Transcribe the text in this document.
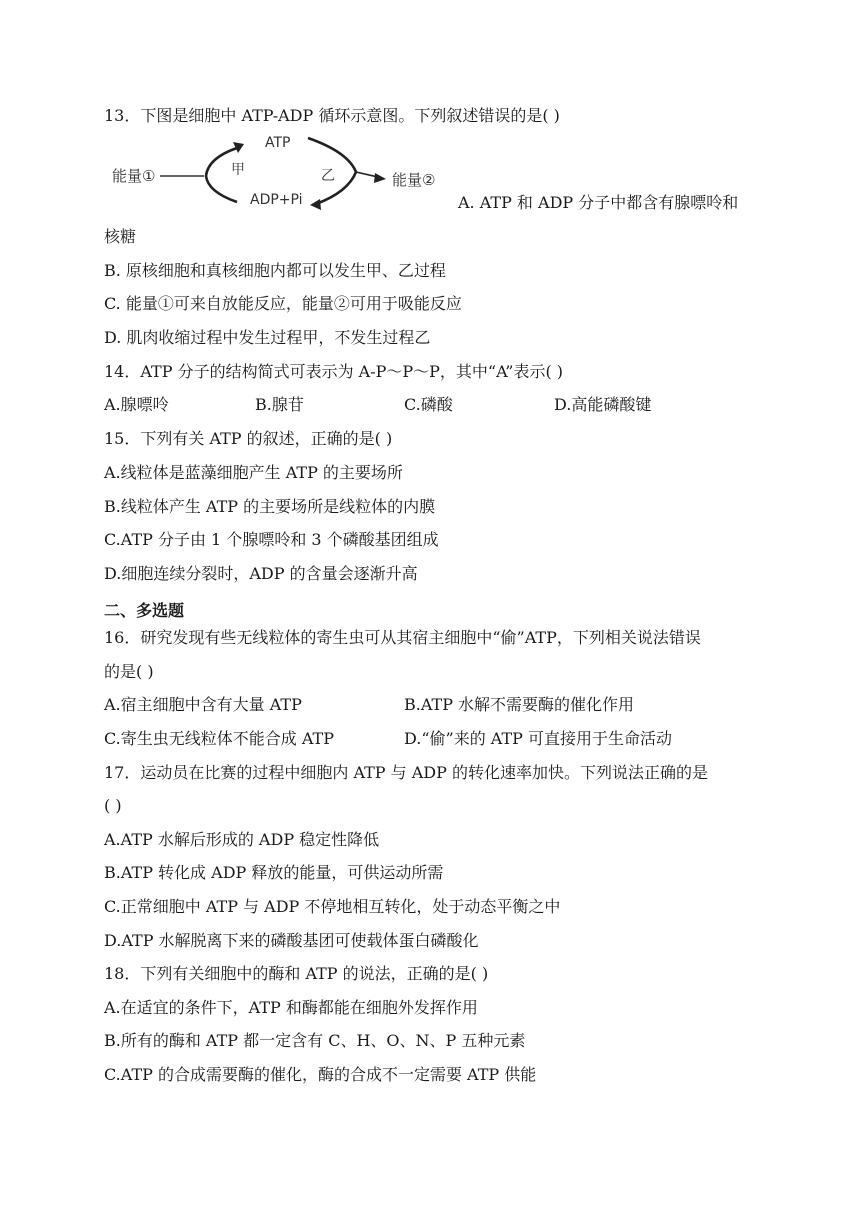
13．下图是细胞中 ATP-ADP 循环示意图。下列叙述错误的是( )
能量①
ATP
ADP+Pi
甲	乙	能量②
A. ATP 和 ADP 分子中都含有腺嘌呤和
核糖
B. 原核细胞和真核细胞内都可以发生甲、乙过程
C. 能量①可来自放能反应，能量②可用于吸能反应
D. 肌肉收缩过程中发生过程甲，不发生过程乙
14．ATP 分子的结构简式可表示为 A-P～P～P，其中“A”表示( )
A.腺嘌呤	B.腺苷	C.磷酸	D.高能磷酸键
15．下列有关 ATP 的叙述，正确的是( )
A.线粒体是蓝藻细胞产生 ATP 的主要场所
B.线粒体产生 ATP 的主要场所是线粒体的内膜
C.ATP 分子由 1 个腺嘌呤和 3 个磷酸基团组成
D.细胞连续分裂时，ADP 的含量会逐渐升高
二、多选题
16．研究发现有些无线粒体的寄生虫可从其宿主细胞中“偷”ATP，下列相关说法错误
的是( )
A.宿主细胞中含有大量 ATP	B.ATP 水解不需要酶的催化作用
C.寄生虫无线粒体不能合成 ATP	D.“偷”来的 ATP 可直接用于生命活动
17．运动员在比赛的过程中细胞内 ATP 与 ADP 的转化速率加快。下列说法正确的是
( )
A.ATP 水解后形成的 ADP 稳定性降低
B.ATP 转化成 ADP 释放的能量，可供运动所需
C.正常细胞中 ATP 与 ADP 不停地相互转化，处于动态平衡之中
D.ATP 水解脱离下来的磷酸基团可使载体蛋白磷酸化
18．下列有关细胞中的酶和 ATP 的说法，正确的是( )
A.在适宜的条件下，ATP 和酶都能在细胞外发挥作用
B.所有的酶和 ATP 都一定含有 C、H、O、N、P 五种元素
C.ATP 的合成需要酶的催化，酶的合成不一定需要 ATP 供能
